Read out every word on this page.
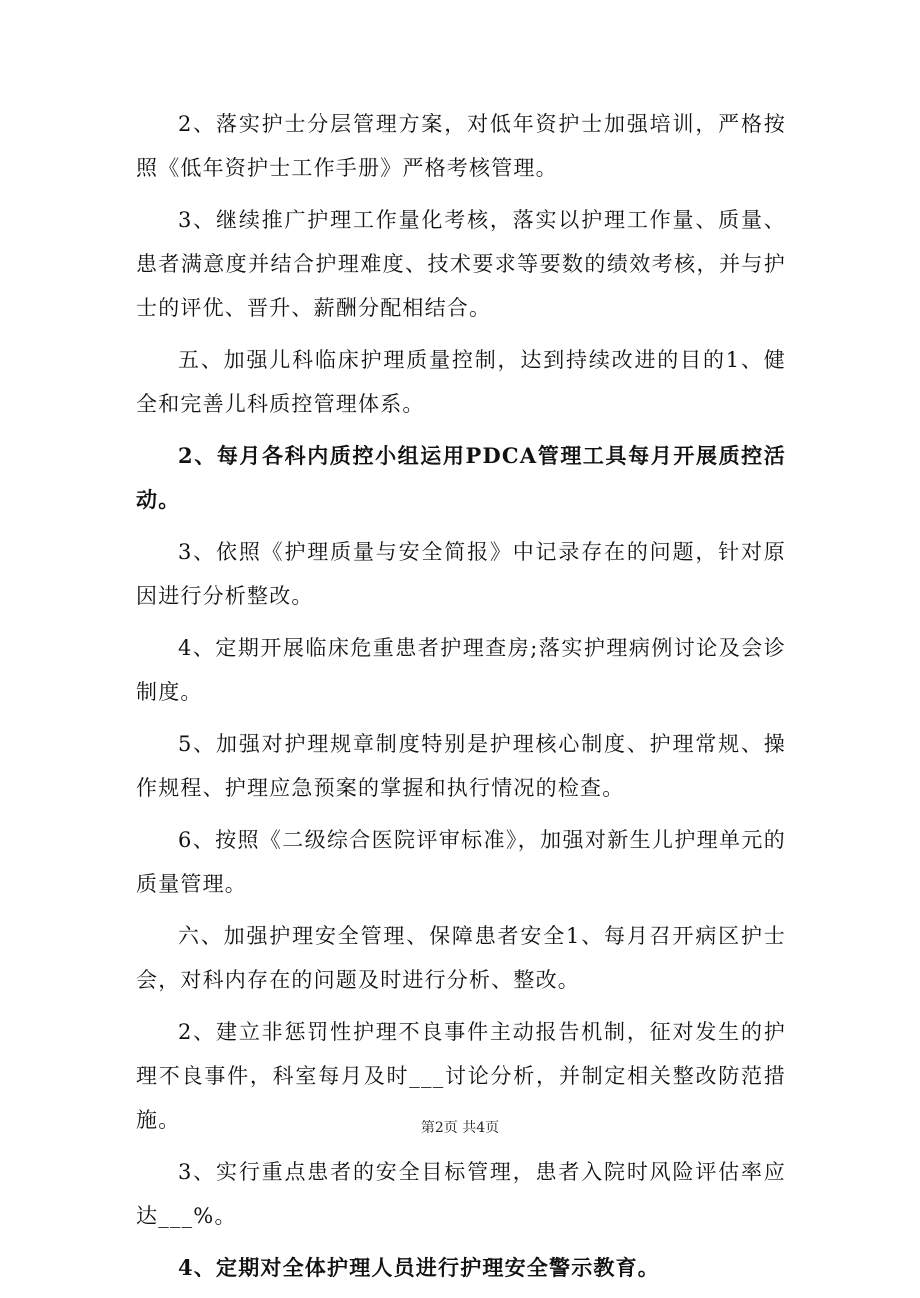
2、落实护士分层管理方案，对低年资护士加强培训，严格按照《低年资护士工作手册》严格考核管理。

3、继续推广护理工作量化考核，落实以护理工作量、质量、患者满意度并结合护理难度、技术要求等要数的绩效考核，并与护士的评优、晋升、薪酬分配相结合。

五、加强儿科临床护理质量控制，达到持续改进的目的1、健全和完善儿科质控管理体系。

2、每月各科内质控小组运用PDCA管理工具每月开展质控活动。

3、依照《护理质量与安全简报》中记录存在的问题，针对原因进行分析整改。

4、定期开展临床危重患者护理查房;落实护理病例讨论及会诊制度。

5、加强对护理规章制度特别是护理核心制度、护理常规、操作规程、护理应急预案的掌握和执行情况的检查。

6、按照《二级综合医院评审标准》，加强对新生儿护理单元的质量管理。

六、加强护理安全管理、保障患者安全1、每月召开病区护士会，对科内存在的问题及时进行分析、整改。

2、建立非惩罚性护理不良事件主动报告机制，征对发生的护理不良事件，科室每月及时___讨论分析，并制定相关整改防范措施。

3、实行重点患者的安全目标管理，患者入院时风险评估率应达___%。

4、定期对全体护理人员进行护理安全警示教育。

第2页 共4页
